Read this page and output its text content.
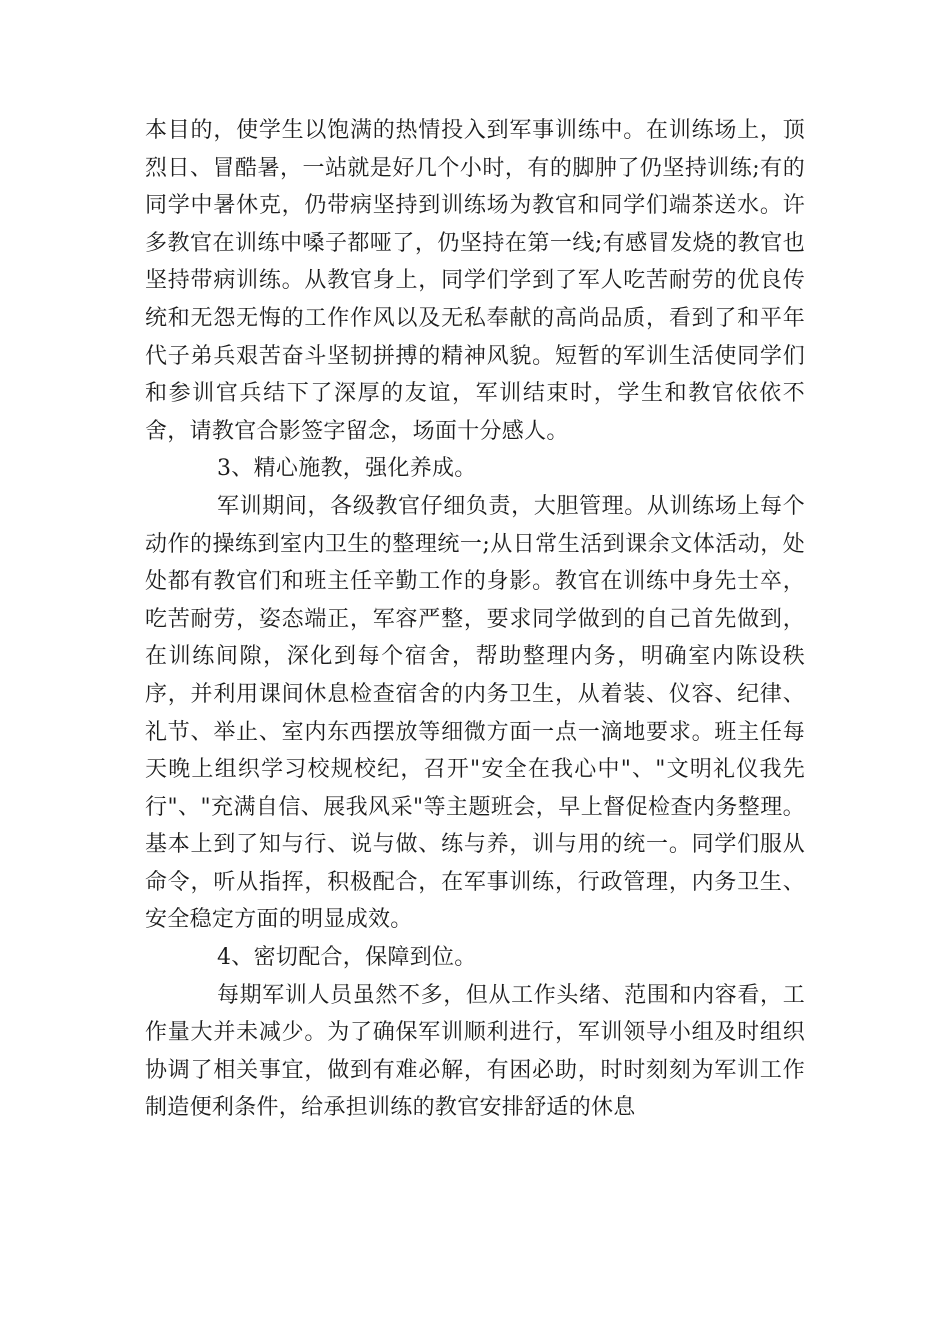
本目的，使学生以饱满的热情投入到军事训练中。在训练场上，顶烈日、冒酷暑，一站就是好几个小时，有的脚肿了仍坚持训练;有的同学中暑休克，仍带病坚持到训练场为教官和同学们端茶送水。许多教官在训练中嗓子都哑了，仍坚持在第一线;有感冒发烧的教官也坚持带病训练。从教官身上，同学们学到了军人吃苦耐劳的优良传统和无怨无悔的工作作风以及无私奉献的高尚品质，看到了和平年代子弟兵艰苦奋斗坚韧拼搏的精神风貌。短暂的军训生活使同学们和参训官兵结下了深厚的友谊，军训结束时，学生和教官依依不舍，请教官合影签字留念，场面十分感人。

3、精心施教，强化养成。

军训期间，各级教官仔细负责，大胆管理。从训练场上每个动作的操练到室内卫生的整理统一;从日常生活到课余文体活动，处处都有教官们和班主任辛勤工作的身影。教官在训练中身先士卒，吃苦耐劳，姿态端正，军容严整，要求同学做到的自己首先做到，在训练间隙，深化到每个宿舍，帮助整理内务，明确室内陈设秩序，并利用课间休息检查宿舍的内务卫生，从着装、仪容、纪律、礼节、举止、室内东西摆放等细微方面一点一滴地要求。班主任每天晚上组织学习校规校纪，召开"安全在我心中"、"文明礼仪我先行"、"充满自信、展我风采"等主题班会，早上督促检查内务整理。基本上到了知与行、说与做、练与养，训与用的统一。同学们服从命令，听从指挥，积极配合，在军事训练，行政管理，内务卫生、安全稳定方面的明显成效。

4、密切配合，保障到位。

每期军训人员虽然不多，但从工作头绪、范围和内容看，工作量大并未减少。为了确保军训顺利进行，军训领导小组及时组织协调了相关事宜，做到有难必解，有困必助，时时刻刻为军训工作制造便利条件，给承担训练的教官安排舒适的休息
